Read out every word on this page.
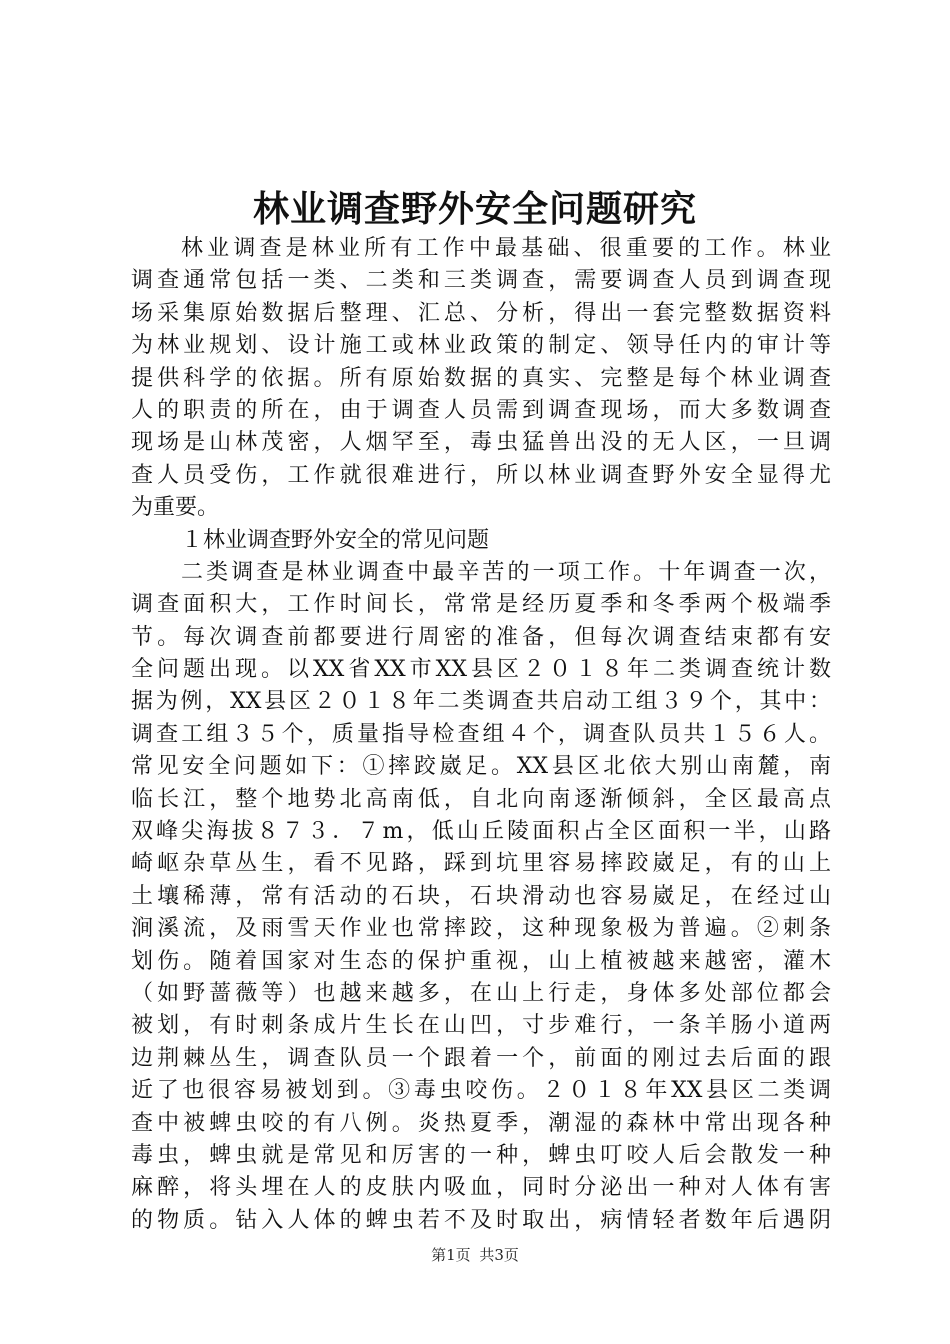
林业调查野外安全问题研究
林业调查是林业所有工作中最基础、很重要的工作。林业
调查通常包括一类、二类和三类调查，需要调查人员到调查现
场采集原始数据后整理、汇总、分析，得出一套完整数据资料
为林业规划、设计施工或林业政策的制定、领导任内的审计等
提供科学的依据。所有原始数据的真实、完整是每个林业调查
人的职责的所在，由于调查人员需到调查现场，而大多数调查
现场是山林茂密，人烟罕至，毒虫猛兽出没的无人区，一旦调
查人员受伤，工作就很难进行，所以林业调查野外安全显得尤
为重要。
１林业调查野外安全的常见问题
二类调查是林业调查中最辛苦的一项工作。十年调查一次，
调查面积大，工作时间长，常常是经历夏季和冬季两个极端季
节。每次调查前都要进行周密的准备，但每次调查结束都有安
全问题出现。以XX省XX市XX县区２０１８年二类调查统计数
据为例，XX县区２０１８年二类调查共启动工组３９个，其中：
调查工组３５个，质量指导检查组４个，调查队员共１５６人。
常见安全问题如下：①摔跤崴足。XX县区北依大别山南麓，南
临长江，整个地势北高南低，自北向南逐渐倾斜，全区最高点
双峰尖海拔８７３．７m，低山丘陵面积占全区面积一半，山路
崎岖杂草丛生，看不见路，踩到坑里容易摔跤崴足，有的山上
土壤稀薄，常有活动的石块，石块滑动也容易崴足，在经过山
涧溪流，及雨雪天作业也常摔跤，这种现象极为普遍。②刺条
划伤。随着国家对生态的保护重视，山上植被越来越密，灌木
（如野蔷薇等）也越来越多，在山上行走，身体多处部位都会
被划，有时刺条成片生长在山凹，寸步难行，一条羊肠小道两
边荆棘丛生，调查队员一个跟着一个，前面的刚过去后面的跟
近了也很容易被划到。③毒虫咬伤。２０１８年XX县区二类调
查中被蜱虫咬的有八例。炎热夏季，潮湿的森林中常出现各种
毒虫，蜱虫就是常见和厉害的一种，蜱虫叮咬人后会散发一种
麻醉，将头埋在人的皮肤内吸血，同时分泌出一种对人体有害
的物质。钻入人体的蜱虫若不及时取出，病情轻者数年后遇阴
第1页 共3页
